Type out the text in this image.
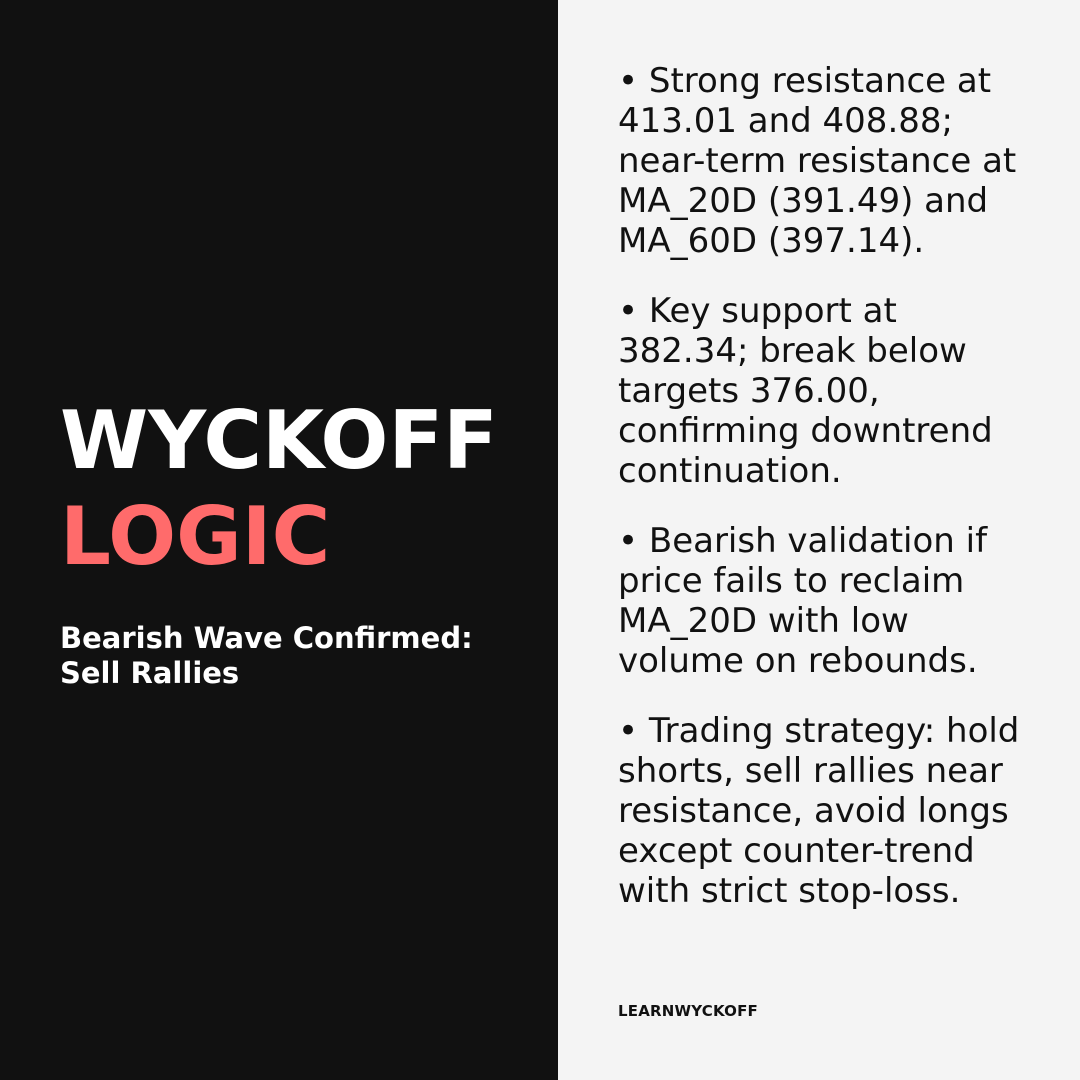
WYCKOFF
LOGIC
Bearish Wave Confirmed: Sell Rallies

• Strong resistance at 413.01 and 408.88; near-term resistance at MA_20D (391.49) and MA_60D (397.14).

• Key support at 382.34; break below targets 376.00, confirming downtrend continuation.

• Bearish validation if price fails to reclaim MA_20D with low volume on rebounds.

• Trading strategy: hold shorts, sell rallies near resistance, avoid longs except counter-trend with strict stop-loss.

LEARNWYCKOFF
